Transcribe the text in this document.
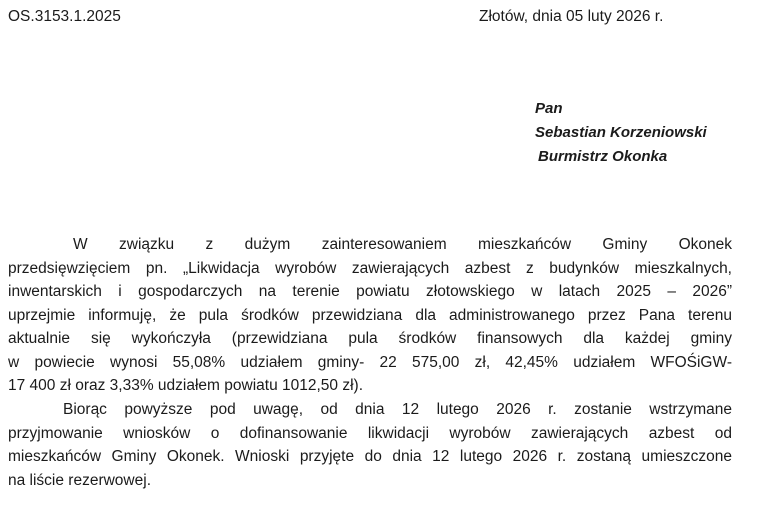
OS.3153.1.2025	Złotów, dnia 05 luty 2026 r.
Pan
Sebastian Korzeniowski
Burmistrz Okonka
W związku z dużym zainteresowaniem mieszkańców Gminy Okonek
przedsięwzięciem pn. „Likwidacja wyrobów zawierających azbest z budynków mieszkalnych,
inwentarskich i gospodarczych na terenie powiatu złotowskiego w latach 2025 – 2026”
uprzejmie informuję, że pula środków przewidziana dla administrowanego przez Pana terenu
aktualnie się wykończyła (przewidziana pula środków finansowych dla każdej gminy
w powiecie wynosi 55,08% udziałem gminy- 22 575,00 zł, 42,45% udziałem WFOŚiGW-
17 400 zł oraz 3,33% udziałem powiatu 1012,50 zł).
Biorąc powyższe pod uwagę, od dnia 12 lutego 2026 r. zostanie wstrzymane
przyjmowanie wniosków o dofinansowanie likwidacji wyrobów zawierających azbest od
mieszkańców Gminy Okonek. Wnioski przyjęte do dnia 12 lutego 2026 r. zostaną umieszczone
na liście rezerwowej.
